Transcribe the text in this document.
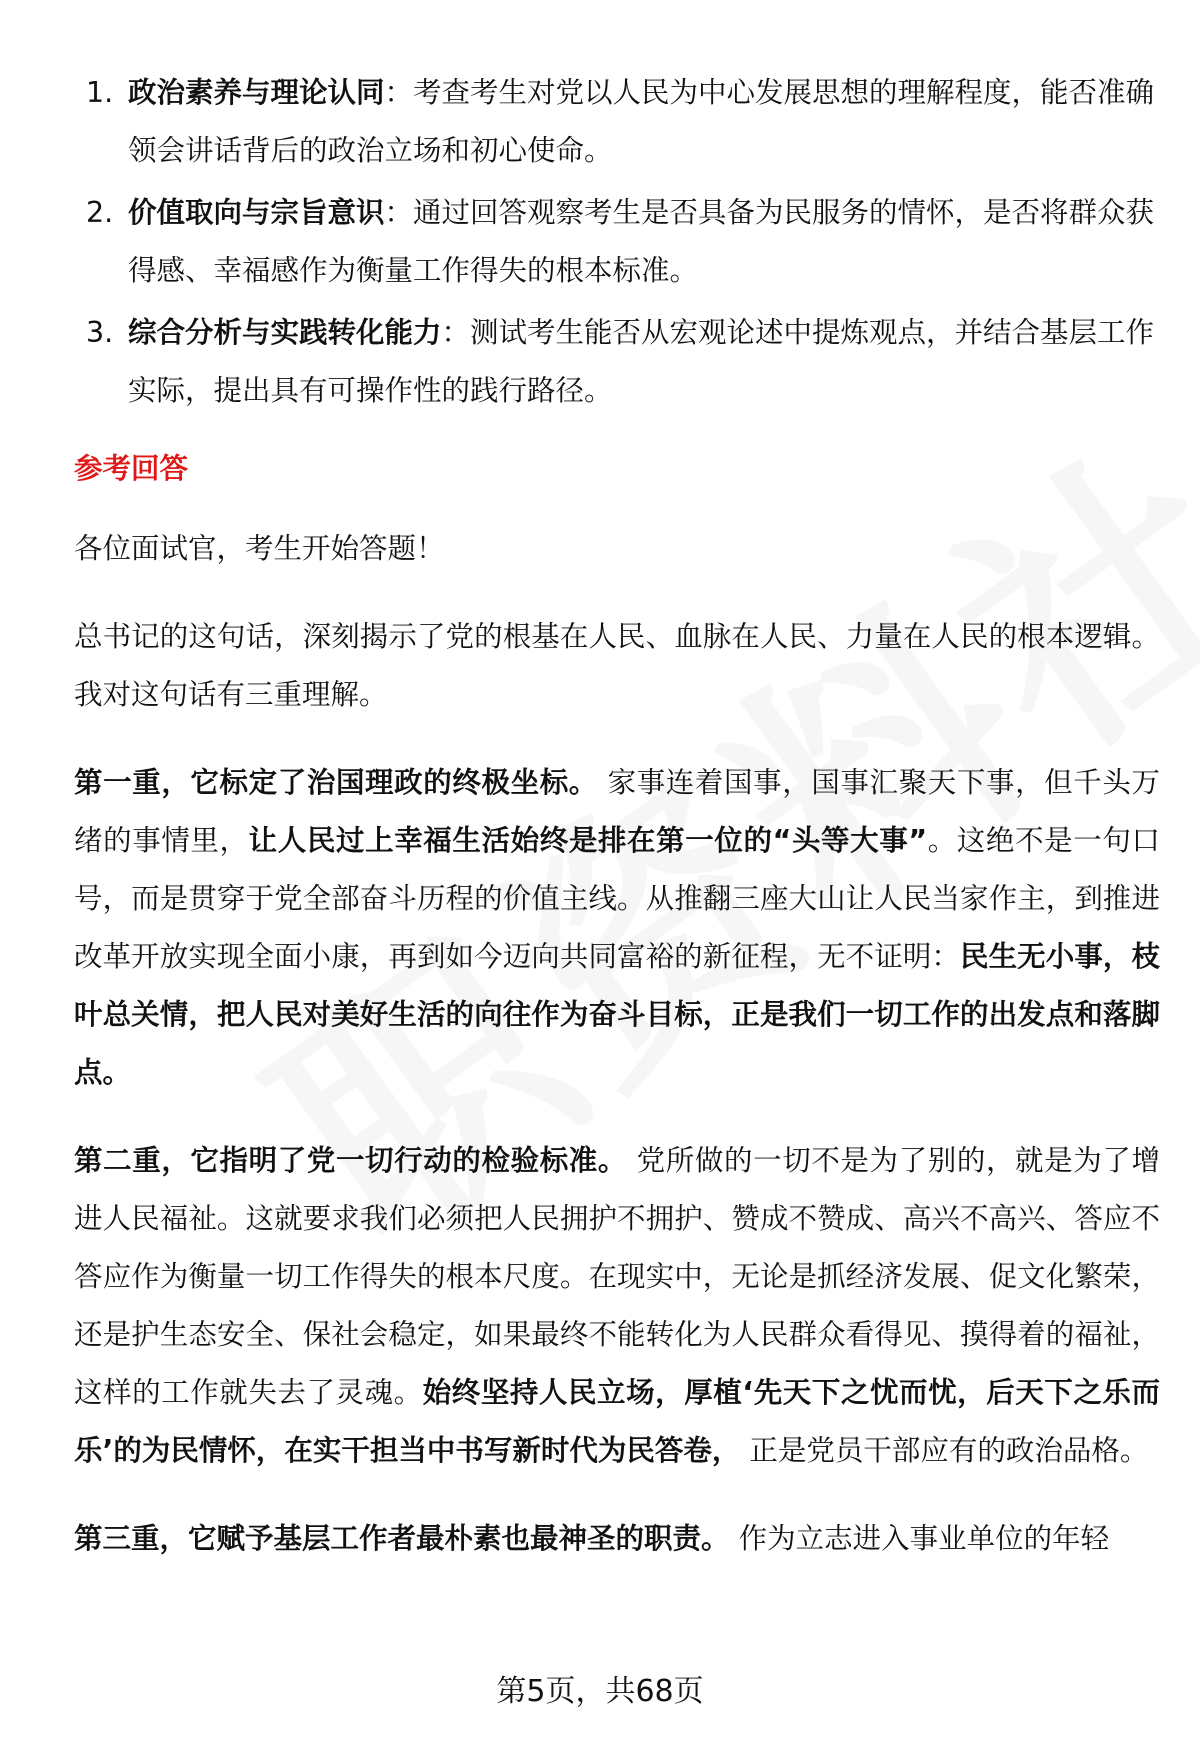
1. 政治素养与理论认同：考查考生对党以人民为中心发展思想的理解程度，能否准确领会讲话背后的政治立场和初心使命。
2. 价值取向与宗旨意识：通过回答观察考生是否具备为民服务的情怀，是否将群众获得感、幸福感作为衡量工作得失的根本标准。
3. 综合分析与实践转化能力：测试考生能否从宏观论述中提炼观点，并结合基层工作实际，提出具有可操作性的践行路径。
参考回答

各位面试官，考生开始答题！

总书记的这句话，深刻揭示了党的根基在人民、血脉在人民、力量在人民的根本逻辑。我对这句话有三重理解。

第一重，它标定了治国理政的终极坐标。 家事连着国事，国事汇聚天下事，但千头万绪的事情里，让人民过上幸福生活始终是排在第一位的“头等大事”。这绝不是一句口号，而是贯穿于党全部奋斗历程的价值主线。从推翻三座大山让人民当家作主，到推进改革开放实现全面小康，再到如今迈向共同富裕的新征程，无不证明：民生无小事，枝叶总关情，把人民对美好生活的向往作为奋斗目标，正是我们一切工作的出发点和落脚点。

第二重，它指明了党一切行动的检验标准。 党所做的一切不是为了别的，就是为了增进人民福祉。这就要求我们必须把人民拥护不拥护、赞成不赞成、高兴不高兴、答应不答应作为衡量一切工作得失的根本尺度。在现实中，无论是抓经济发展、促文化繁荣，还是护生态安全、保社会稳定，如果最终不能转化为人民群众看得见、摸得着的福祉，这样的工作就失去了灵魂。始终坚持人民立场，厚植‘先天下之忧而忧，后天下之乐而乐’的为民情怀，在实干担当中书写新时代为民答卷， 正是党员干部应有的政治品格。

第三重，它赋予基层工作者最朴素也最神圣的职责。 作为立志进入事业单位的年轻

第5页，共68页
